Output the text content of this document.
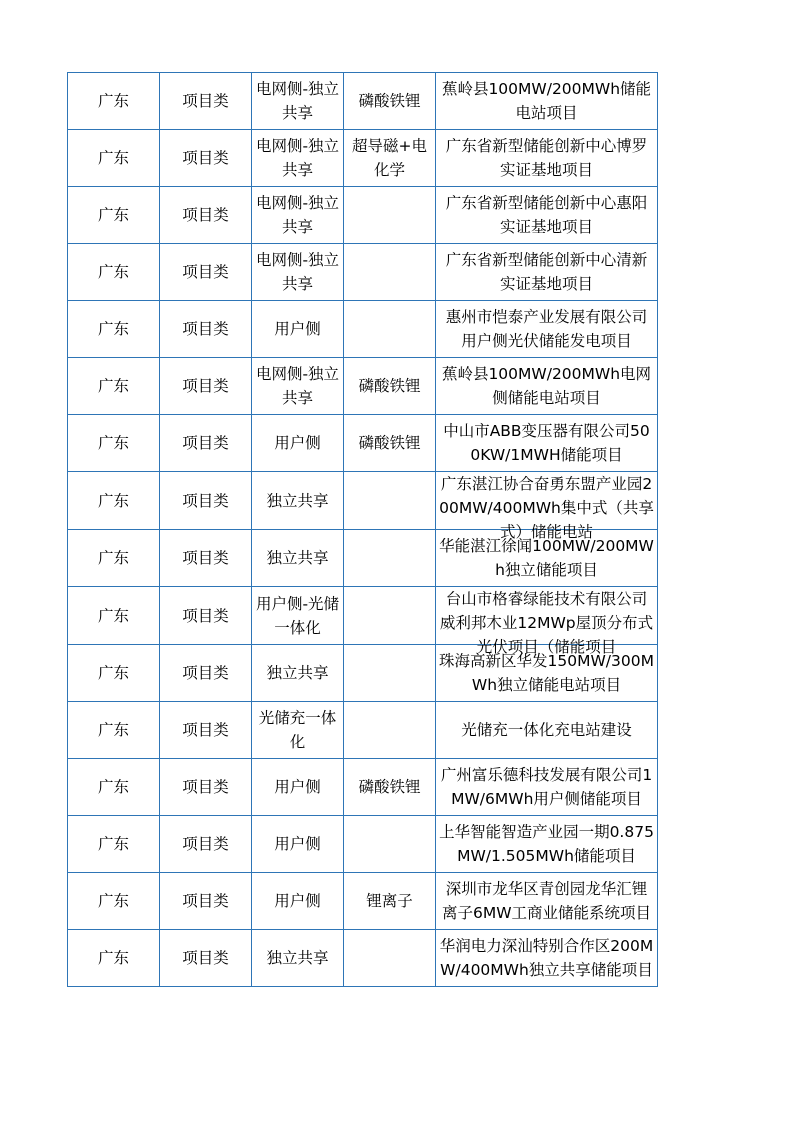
广东	项目类	电网侧-独立共享	磷酸铁锂	蕉岭县100MW/200MWh储能电站项目

广东	项目类	电网侧-独立共享	超导磁+电化学	广东省新型储能创新中心博罗实证基地项目

广东	项目类	电网侧-独立共享		广东省新型储能创新中心惠阳实证基地项目

广东	项目类	电网侧-独立共享		广东省新型储能创新中心清新实证基地项目

广东	项目类	用户侧		惠州市恺泰产业发展有限公司用户侧光伏储能发电项目

广东	项目类	电网侧-独立共享	磷酸铁锂	蕉岭县100MW/200MWh电网侧储能电站项目

广东	项目类	用户侧	磷酸铁锂	中山市ABB变压器有限公司500KW/1MWH储能项目

广东	项目类	独立共享		广东湛江协合奋勇东盟产业园200MW/400MWh集中式（共享式）储能电站

广东	项目类	独立共享		华能湛江徐闻100MW/200MWh独立储能项目

广东	项目类	用户侧-光储一体化		台山市格睿绿能技术有限公司威利邦木业12MWp屋顶分布式光伏项目（储能项目

广东	项目类	独立共享		珠海高新区华发150MW/300MWh独立储能电站项目

广东	项目类	光储充一体化		光储充一体化充电站建设

广东	项目类	用户侧	磷酸铁锂	广州富乐德科技发展有限公司1MW/6MWh用户侧储能项目

广东	项目类	用户侧		上华智能智造产业园一期0.875MW/1.505MWh储能项目

广东	项目类	用户侧	锂离子	深圳市龙华区青创园龙华汇锂离子6MW工商业储能系统项目

广东	项目类	独立共享		华润电力深汕特别合作区200MW/400MWh独立共享储能项目
